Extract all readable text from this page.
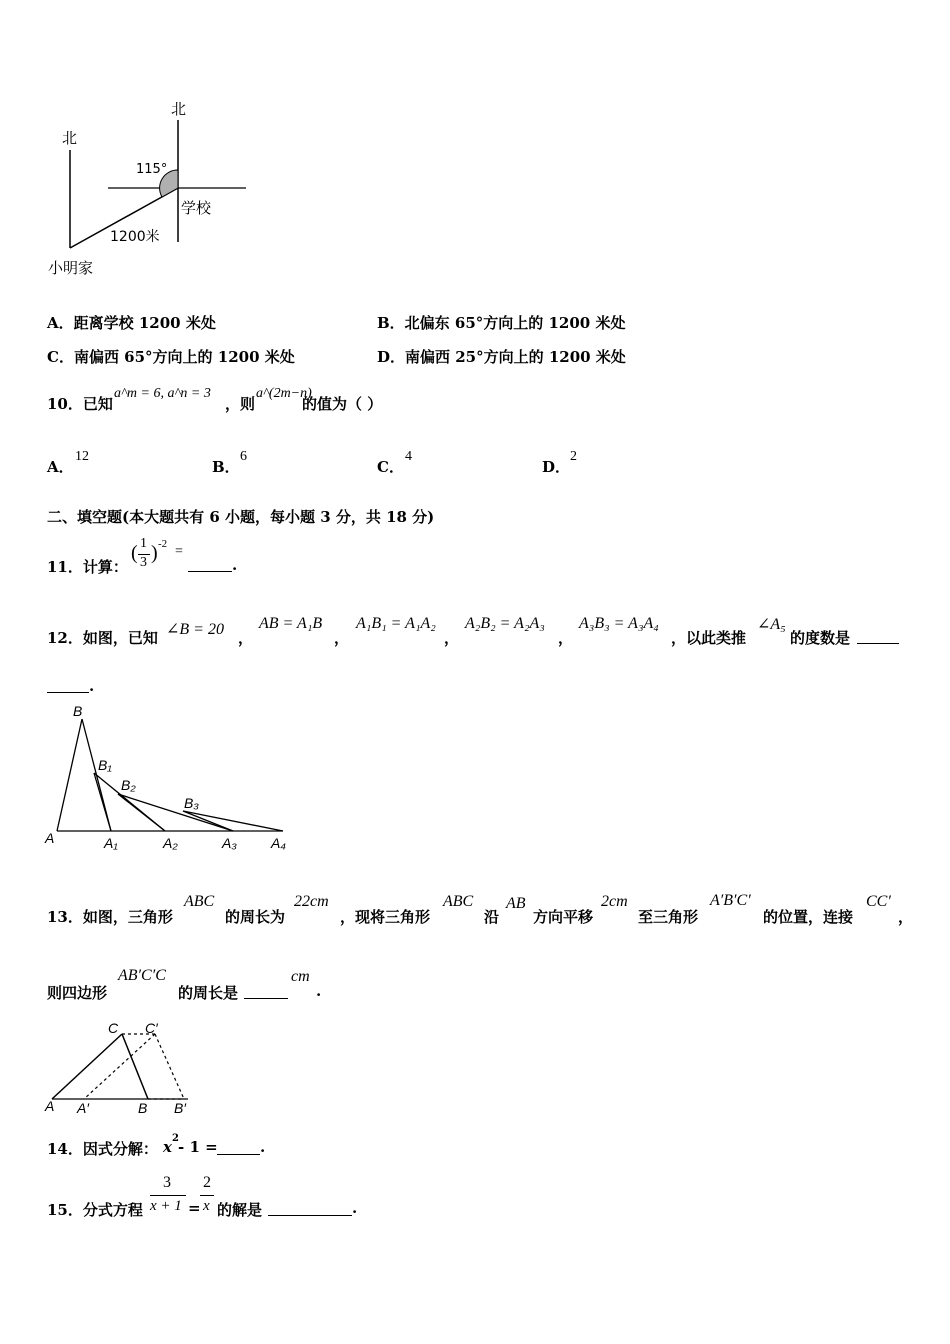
北
北
115°
学校
1200米
小明家
A．距离学校 1200 米处	B．北偏东 65°方向上的 1200 米处
C．南偏西 65°方向上的 1200 米处	D．南偏西 25°方向上的 1200 米处
10．已知
a^m = 6, a^n = 3
，则
a^(2m−n)
的值为（ ）
A．
12
B．
6
C．
4
D．
2
二、填空题(本大题共有 6 小题，每小题 3 分，共 18 分)
11．计算：
( 1
3 ) -2 =
.
12．如图，已知 ∠B = 20 ，
AB = A₁B
，
A₁B₁ = A₁A₂
，
A₂B₂ = A₂A₃
，
A₃B₃ = A₃A₄
，以此类推
∠A₅
的度数是
.
B
B₁
B₂
B₃
A	A₁	A₂	A₃ A₄
13．如图，三角形
ABC
的周长为
22cm
，现将三角形
ABC
沿
AB
方向平移
2cm
至三角形
A′B′C′
的位置，连接
CC′
，
则四边形
AB′C′C
的周长是
cm
.
C C′
A A′	B B′
14．因式分解： x 2 - 1 =	.
15．分式方程
3
x + 1 =
2
x 的解是	.
